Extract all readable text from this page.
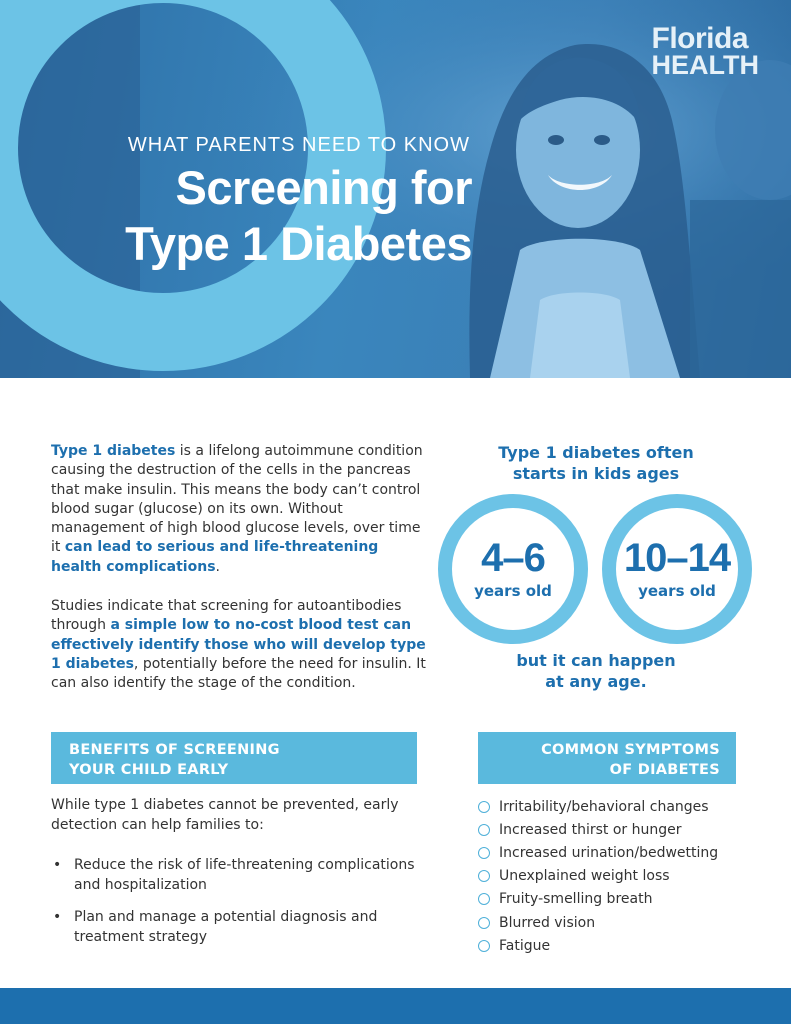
Florida
HEALTH
WHAT PARENTS NEED TO KNOW
Screening for
Type 1 Diabetes

Type 1 diabetes is a lifelong autoimmune condition causing the destruction of the cells in the pancreas that make insulin. This means the body can’t control blood sugar (glucose) on its own. Without management of high blood glucose levels, over time it can lead to serious and life-threatening health complications.

Studies indicate that screening for autoantibodies through a simple low to no-cost blood test can effectively identify those who will develop type 1 diabetes, potentially before the need for insulin. It can also identify the stage of the condition.

Type 1 diabetes often
starts in kids ages
4–6
years old
10–14
years old
but it can happen
at any age.
BENEFITS OF SCREENING
YOUR CHILD EARLY
COMMON SYMPTOMS
OF DIABETES

While type 1 diabetes cannot be prevented, early detection can help families to:

• Reduce the risk of life-threatening complications and hospitalization
• Plan and manage a potential diagnosis and treatment strategy
Irritability/behavioral changes
Increased thirst or hunger
Increased urination/bedwetting
Unexplained weight loss
Fruity-smelling breath
Blurred vision
Fatigue
